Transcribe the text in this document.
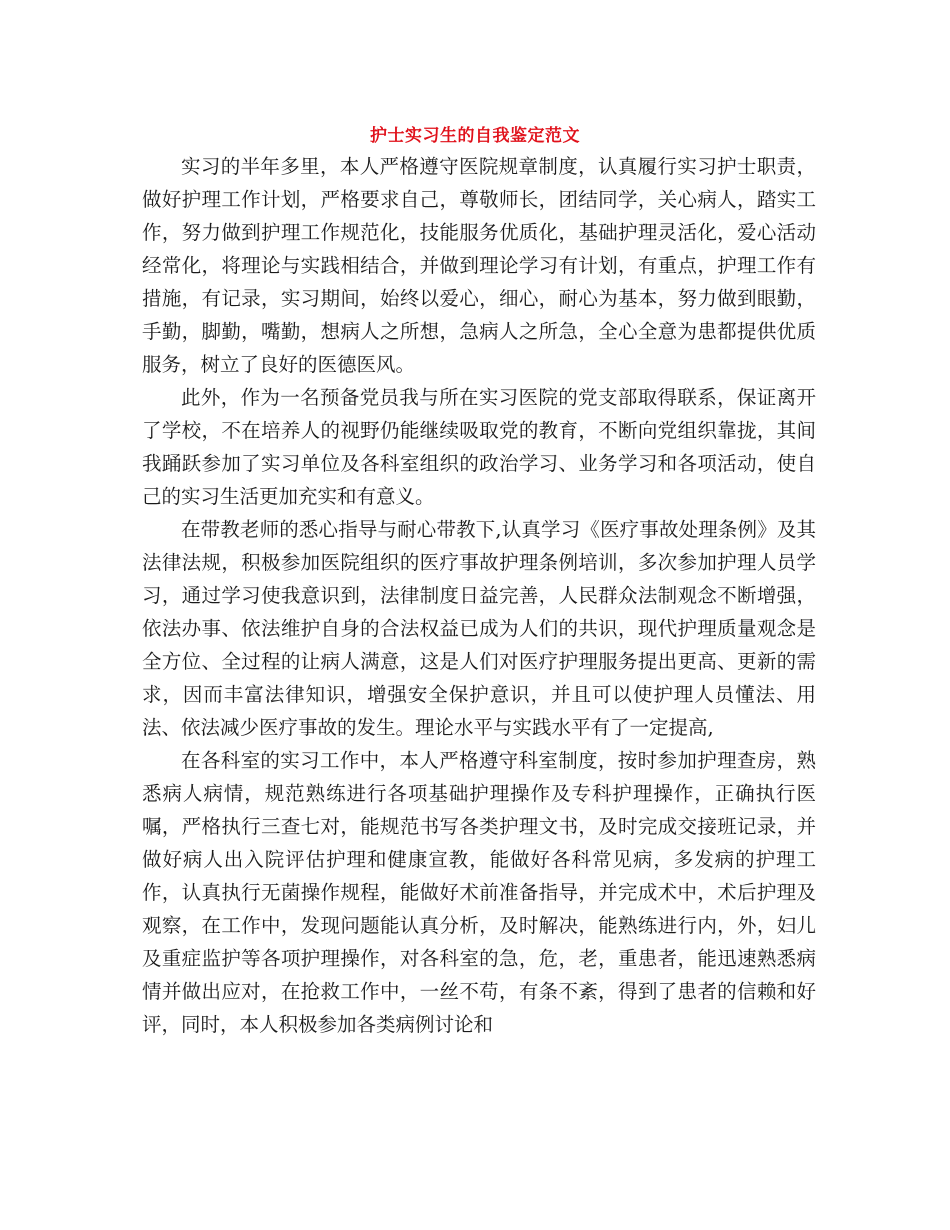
护士实习生的自我鉴定范文

实习的半年多里，本人严格遵守医院规章制度，认真履行实习护士职责，做好护理工作计划，严格要求自己，尊敬师长，团结同学，关心病人，踏实工作，努力做到护理工作规范化，技能服务优质化，基础护理灵活化，爱心活动经常化，将理论与实践相结合，并做到理论学习有计划，有重点，护理工作有措施，有记录，实习期间，始终以爱心，细心，耐心为基本，努力做到眼勤，手勤，脚勤，嘴勤，想病人之所想，急病人之所急，全心全意为患都提供优质服务，树立了良好的医德医风。

此外，作为一名预备党员我与所在实习医院的党支部取得联系，保证离开了学校，不在培养人的视野仍能继续吸取党的教育，不断向党组织靠拢，其间我踊跃参加了实习单位及各科室组织的政治学习、业务学习和各项活动，使自己的实习生活更加充实和有意义。

在带教老师的悉心指导与耐心带教下,认真学习《医疗事故处理条例》及其法律法规，积极参加医院组织的医疗事故护理条例培训，多次参加护理人员学习，通过学习使我意识到，法律制度日益完善，人民群众法制观念不断增强，依法办事、依法维护自身的合法权益已成为人们的共识，现代护理质量观念是全方位、全过程的让病人满意，这是人们对医疗护理服务提出更高、更新的需求，因而丰富法律知识，增强安全保护意识，并且可以使护理人员懂法、用法、依法减少医疗事故的发生。理论水平与实践水平有了一定提高,

在各科室的实习工作中，本人严格遵守科室制度，按时参加护理查房，熟悉病人病情，规范熟练进行各项基础护理操作及专科护理操作，正确执行医嘱，严格执行三查七对，能规范书写各类护理文书，及时完成交接班记录，并做好病人出入院评估护理和健康宣教，能做好各科常见病，多发病的护理工作，认真执行无菌操作规程，能做好术前准备指导，并完成术中，术后护理及观察，在工作中，发现问题能认真分析，及时解决，能熟练进行内，外，妇儿及重症监护等各项护理操作，对各科室的急，危，老，重患者，能迅速熟悉病情并做出应对，在抢救工作中，一丝不苟，有条不紊，得到了患者的信赖和好评，同时，本人积极参加各类病例讨论和
